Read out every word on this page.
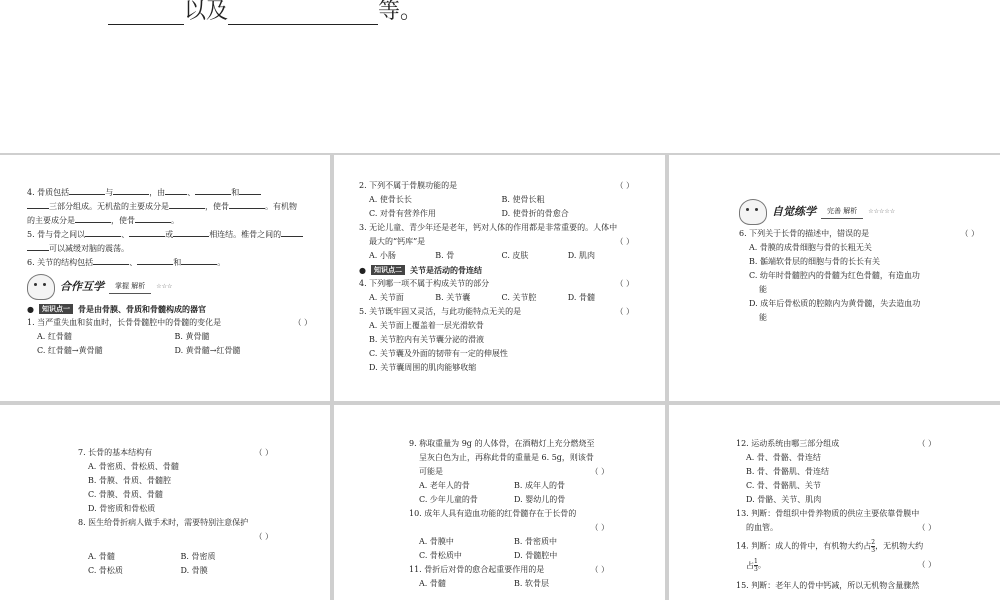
以及	等。
4. 骨质包括	与	，由	、	和
三部分组成。无机盐的主要成分是	，使骨	。有机物
的主要成分是	，使骨	。
5. 骨与骨之间以	、	或	相连结。椎骨之间的
可以减缓对脑的震荡。
6. 关节的结构包括	、	和	。
合作互学	掌握 解析	☆☆☆
●	知识点一	骨是由骨膜、骨质和骨髓构成的器官
1. 当严重失血和贫血时，长骨骨髓腔中的骨髓的变化是	（ ）
A. 红骨髓	B. 黄骨髓
C. 红骨髓→黄骨髓	D. 黄骨髓→红骨髓
2. 下列不属于骨膜功能的是	（ ）
A. 使骨长长	B. 使骨长粗
C. 对骨有营养作用	D. 使骨折的骨愈合
3. 无论儿童、青少年还是老年，钙对人体的作用都是非常重要的。人体中
最大的“钙库”是	（ ）
A. 小肠	B. 骨	C. 皮肤	D. 肌肉
●	知识点二	关节是活动的骨连结
4. 下列哪一项不属于构成关节的部分	（ ）
A. 关节面	B. 关节囊	C. 关节腔	D. 骨髓
5. 关节既牢固又灵活，与此功能特点无关的是	（ ）
A. 关节面上覆盖着一层光滑软骨
B. 关节腔内有关节囊分泌的滑液
C. 关节囊及外面的韧带有一定的伸展性
D. 关节囊周围的肌肉能够收缩
自觉练学	完善 解析	☆☆☆☆☆
6. 下列关于长骨的描述中，错误的是	（ ）
A. 骨膜的成骨细胞与骨的长粗无关
B. 骺端软骨层的细胞与骨的长长有关
C. 幼年时骨髓腔内的骨髓为红色骨髓，有造血功
能
D. 成年后骨松质的腔隙内为黄骨髓，失去造血功
能
7. 长骨的基本结构有	（ ）
A. 骨密质、骨松质、骨髓
B. 骨膜、骨质、骨髓腔
C. 骨膜、骨质、骨髓
D. 骨密质和骨松质
8. 医生给骨折病人做手术时，需要特别注意保护
（ ）

A. 骨髓	B. 骨密质
C. 骨松质	D. 骨膜
9. 称取重量为 9g 的人体骨，在酒精灯上充分燃烧至
呈灰白色为止，再称此骨的重量是 6. 5g，则该骨
可能是	（ ）
A. 老年人的骨	B. 成年人的骨
C. 少年儿童的骨	D. 婴幼儿的骨
10. 成年人具有造血功能的红骨髓存在于长骨的
（ ）

A. 骨膜中	B. 骨密质中
C. 骨松质中	D. 骨髓腔中
11. 骨折后对骨的愈合起重要作用的是	（ ）
A. 骨髓	B. 软骨层
12. 运动系统由哪三部分组成	（ ）
A. 骨、骨骼、骨连结
B. 骨、骨骼肌、骨连结
C. 骨、骨骼肌、关节
D. 骨骼、关节、肌肉
13. 判断：骨组织中骨养物质的供应主要依靠骨膜中
的血管。	（ ）
14. 判断：成人的骨中，有机物大约占 $\frac{2}{3}$ ，无机物大约
占 $\frac{1}{3}$ 。	（ ）
15. 判断：老年人的骨中钙减，所以无机物含量骤然
